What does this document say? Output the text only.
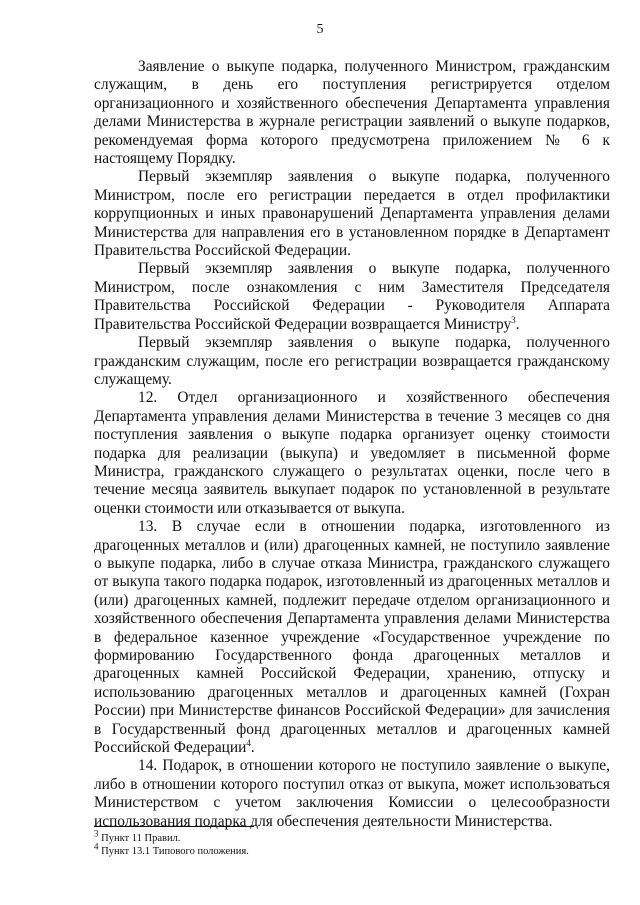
5

Заявление о выкупе подарка, полученного Министром, гражданским служащим, в день его поступления регистрируется отделом организационного и хозяйственного обеспечения Департамента управления делами Министерства в журнале регистрации заявлений о выкупе подарков, рекомендуемая форма которого предусмотрена приложением № 6 к настоящему Порядку.

Первый экземпляр заявления о выкупе подарка, полученного Министром, после его регистрации передается в отдел профилактики коррупционных и иных правонарушений Департамента управления делами Министерства для направления его в установленном порядке в Департамент Правительства Российской Федерации.

Первый экземпляр заявления о выкупе подарка, полученного Министром, после ознакомления с ним Заместителя Председателя Правительства Российской Федерации - Руководителя Аппарата Правительства Российской Федерации возвращается Министру$^3$.

Первый экземпляр заявления о выкупе подарка, полученного гражданским служащим, после его регистрации возвращается гражданскому служащему.

12. Отдел организационного и хозяйственного обеспечения Департамента управления делами Министерства в течение 3 месяцев со дня поступления заявления о выкупе подарка организует оценку стоимости подарка для реализации (выкупа) и уведомляет в письменной форме Министра, гражданского служащего о результатах оценки, после чего в течение месяца заявитель выкупает подарок по установленной в результате оценки стоимости или отказывается от выкупа.

13. В случае если в отношении подарка, изготовленного из драгоценных металлов и (или) драгоценных камней, не поступило заявление о выкупе подарка, либо в случае отказа Министра, гражданского служащего от выкупа такого подарка подарок, изготовленный из драгоценных металлов и (или) драгоценных камней, подлежит передаче отделом организационного и хозяйственного обеспечения Департамента управления делами Министерства в федеральное казенное учреждение «Государственное учреждение по формированию Государственного фонда драгоценных металлов и драгоценных камней Российской Федерации, хранению, отпуску и использованию драгоценных металлов и драгоценных камней (Гохран России) при Министерстве финансов Российской Федерации» для зачисления в Государственный фонд драгоценных металлов и драгоценных камней Российской Федерации$^4$.

14. Подарок, в отношении которого не поступило заявление о выкупе, либо в отношении которого поступил отказ от выкупа, может использоваться Министерством с учетом заключения Комиссии о целесообразности использования подарка для обеспечения деятельности Министерства.

$^3$ Пункт 11 Правил.

$^4$ Пункт 13.1 Типового положения.
